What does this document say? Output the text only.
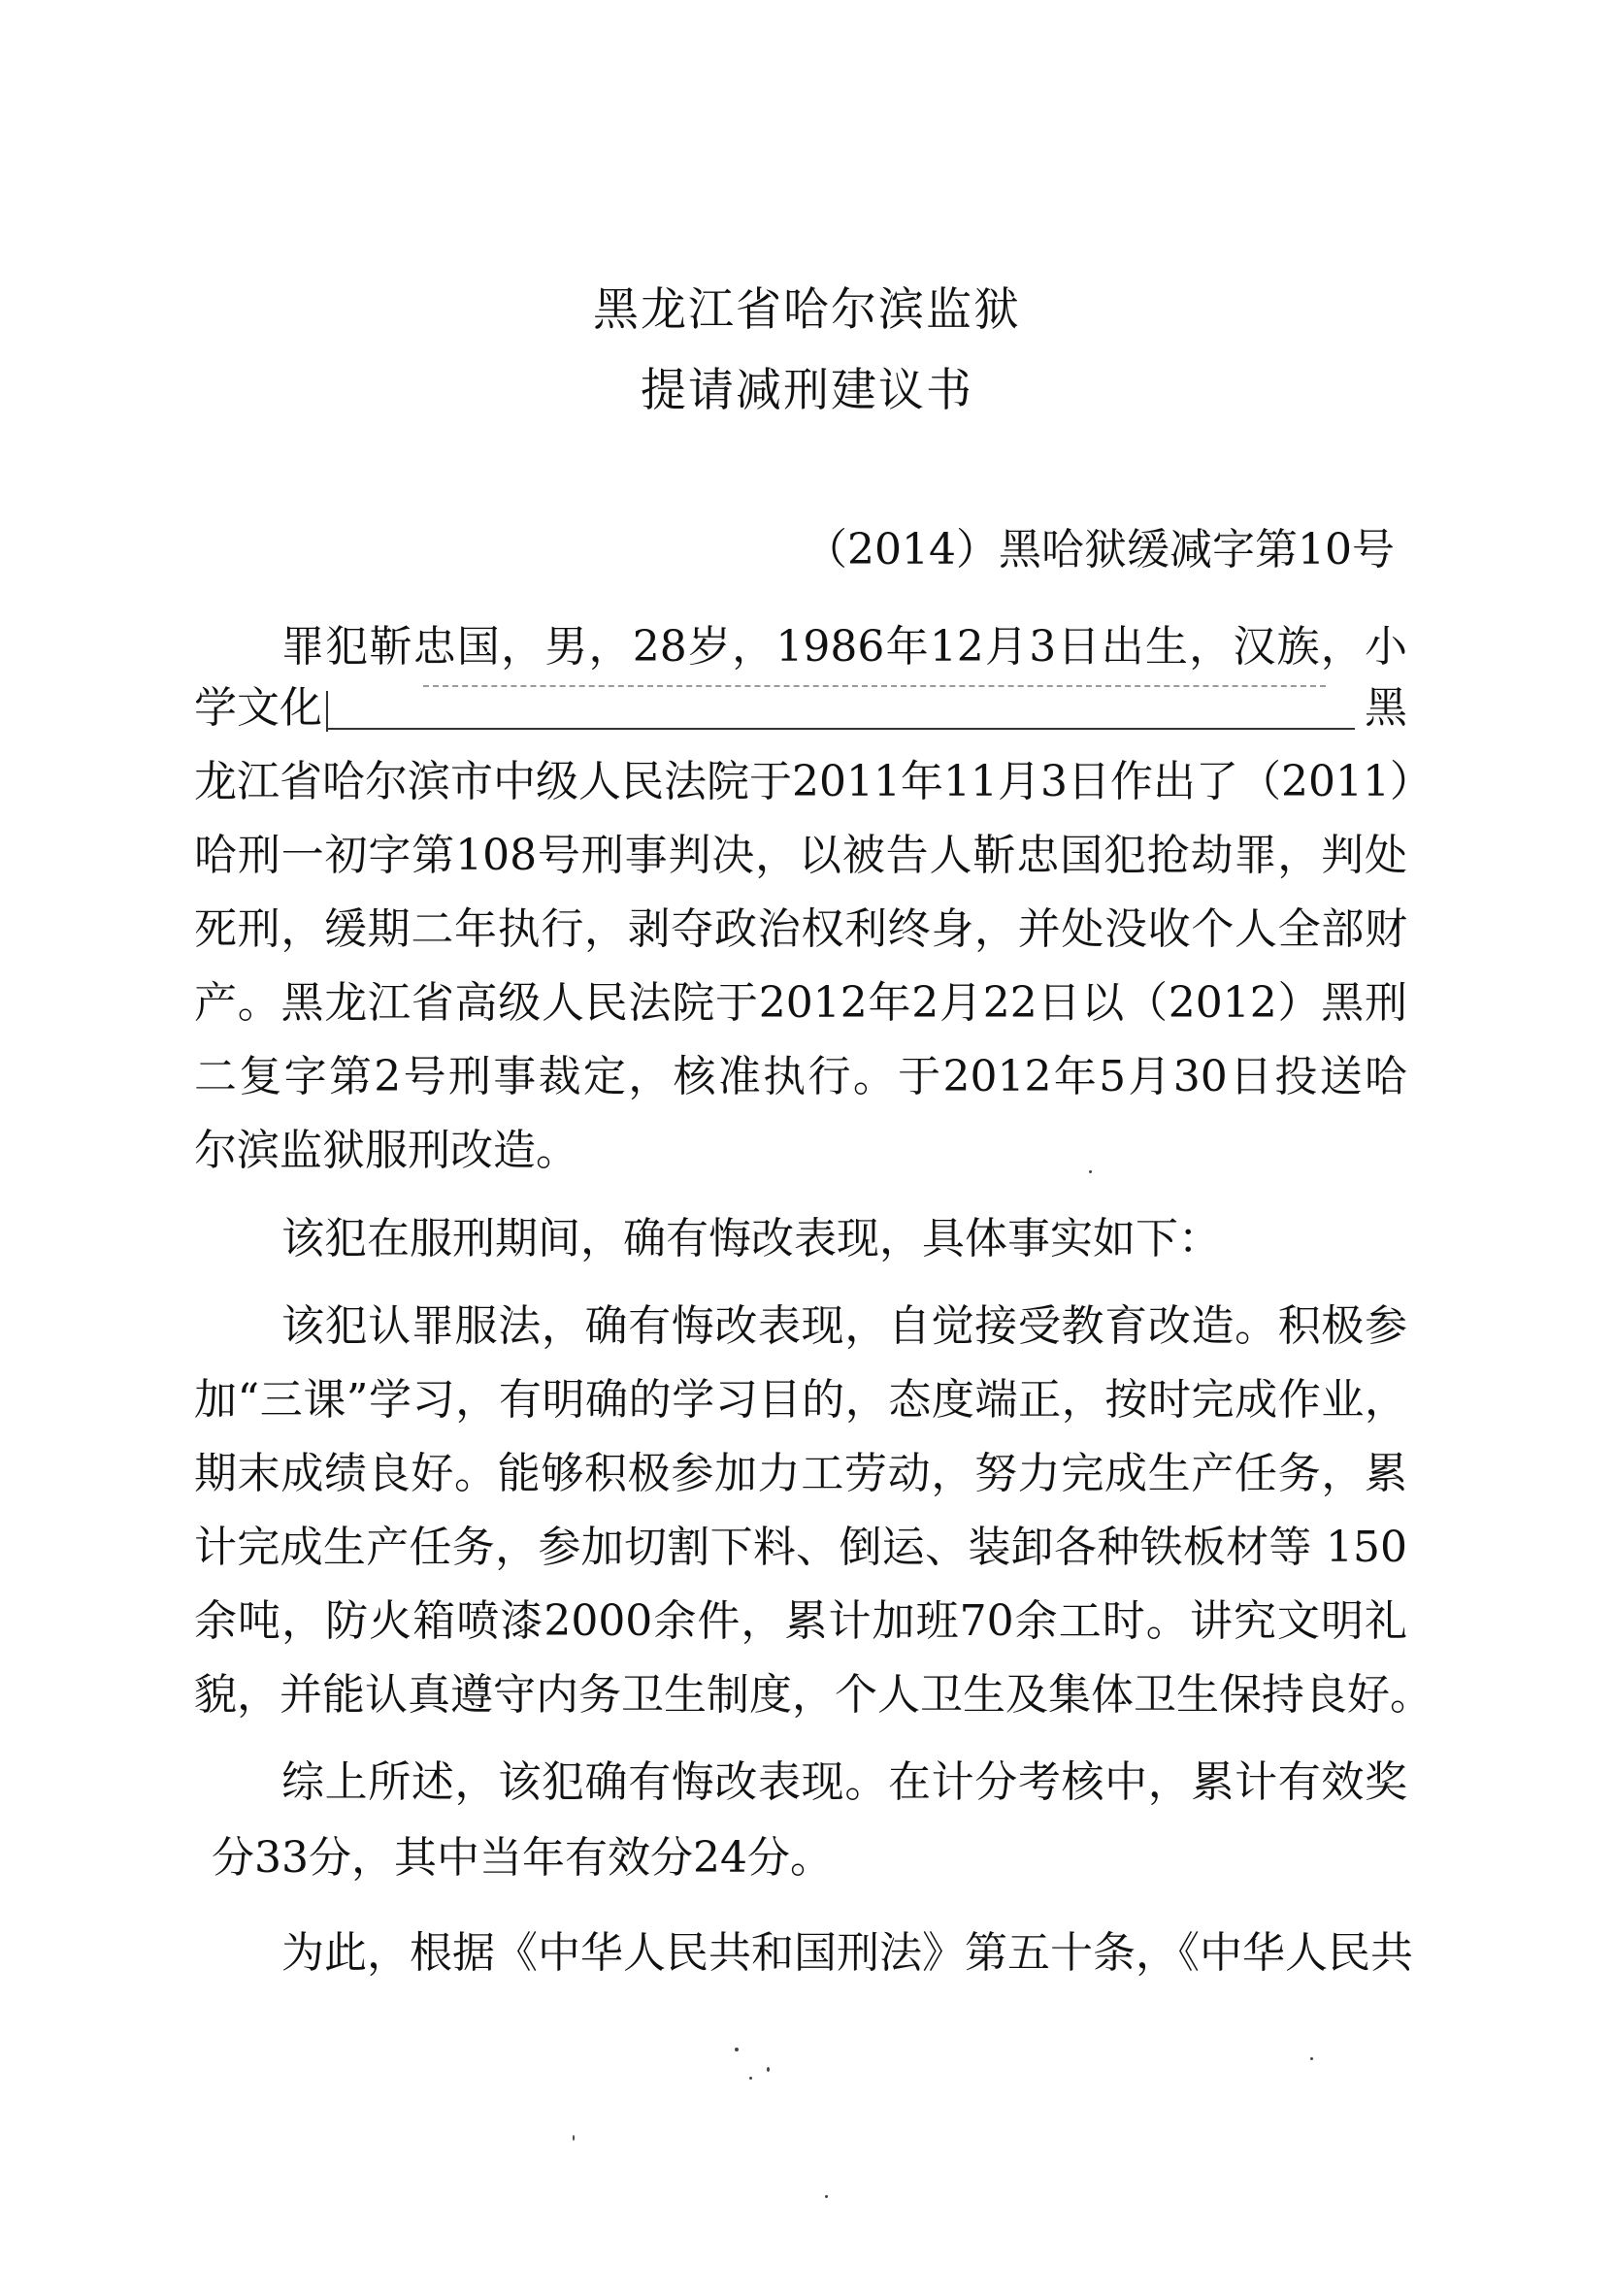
黑龙江省哈尔滨监狱
提请减刑建议书
（2014）黑哈狱缓减字第10号
罪犯靳忠国，男，28岁，1986年12月3日出生，汉族，小
学文化	黑
龙江省哈尔滨市中级人民法院于2011年11月3日作出了（2011）
哈刑一初字第108号刑事判决，以被告人靳忠国犯抢劫罪，判处
死刑，缓期二年执行，剥夺政治权利终身，并处没收个人全部财
产。黑龙江省高级人民法院于2012年2月22日以（2012）黑刑
二复字第2号刑事裁定，核准执行。于2012年5月30日投送哈
尔滨监狱服刑改造。
该犯在服刑期间，确有悔改表现，具体事实如下：
该犯认罪服法，确有悔改表现，自觉接受教育改造。积极参
加“三课”学习，有明确的学习目的，态度端正，按时完成作业，
期末成绩良好。能够积极参加力工劳动，努力完成生产任务，累
计完成生产任务，参加切割下料、倒运、装卸各种铁板材等 150
余吨，防火箱喷漆2000余件，累计加班70余工时。讲究文明礼
貌，并能认真遵守内务卫生制度，个人卫生及集体卫生保持良好。
综上所述，该犯确有悔改表现。在计分考核中，累计有效奖
分33分，其中当年有效分24分。
为此，根据《中华人民共和国刑法》第五十条，《中华人民共
